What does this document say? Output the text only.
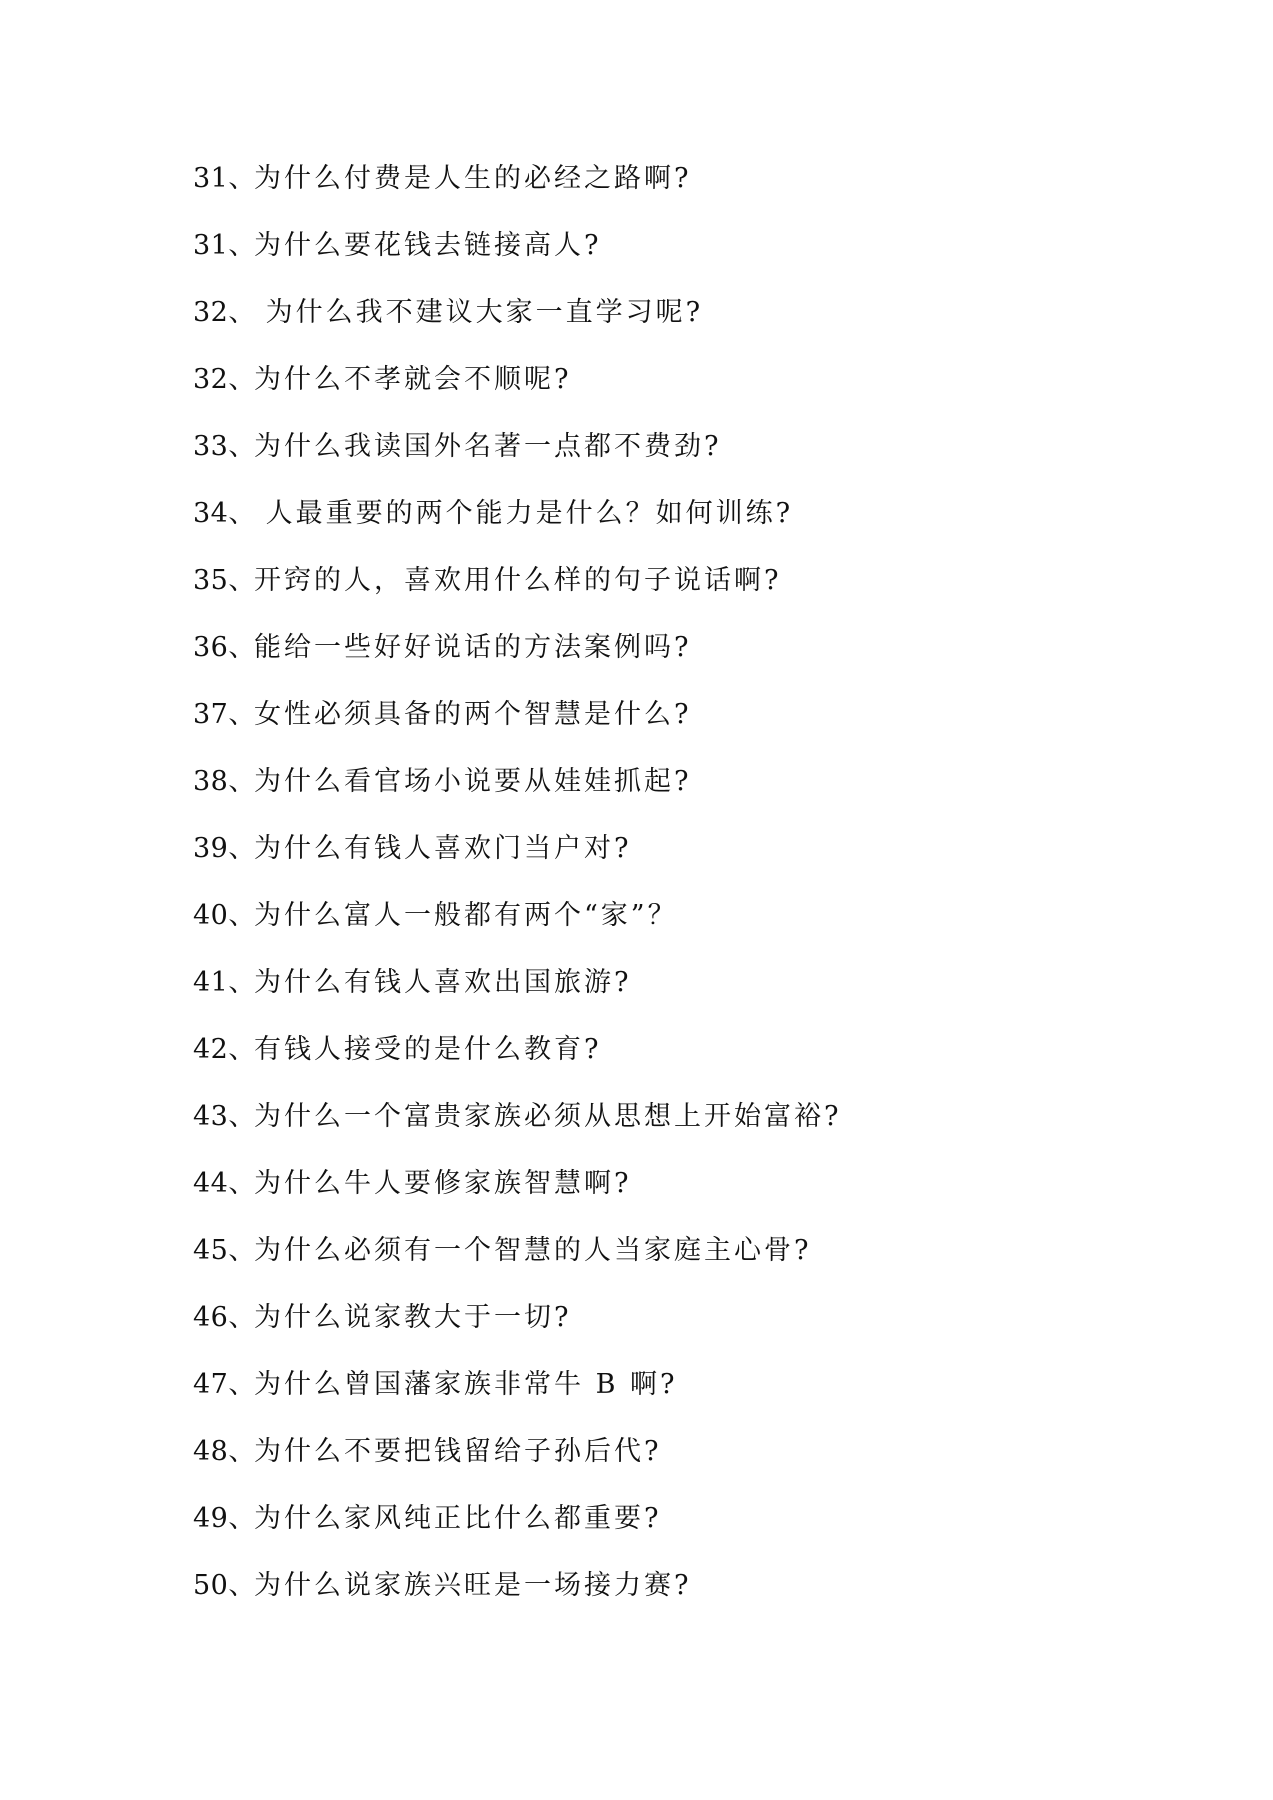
31、
为什么付费是人生的必经之路啊?
31、
为什么要花钱去链接高人?
32、
为什么我不建议大家一直学习呢?
32、
为什么不孝就会不顺呢?
33、
为什么我读国外名著一点都不费劲?
34、
人最重要的两个能力是什么？如何训练?
35、
开窍的人，喜欢用什么样的句子说话啊?
36、
能给一些好好说话的方法案例吗?
37、
女性必须具备的两个智慧是什么?
38、
为什么看官场小说要从娃娃抓起?
39、
为什么有钱人喜欢门当户对?
40、
为什么富人一般都有两个“家”？
41、
为什么有钱人喜欢出国旅游?
42、
有钱人接受的是什么教育?
43、
为什么一个富贵家族必须从思想上开始富裕?
44、
为什么牛人要修家族智慧啊?
45、
为什么必须有一个智慧的人当家庭主心骨?
46、
为什么说家教大于一切?
47、
为什么曾国藩家族非常牛 B 啊?
48、
为什么不要把钱留给子孙后代?
49、
为什么家风纯正比什么都重要?
50、
为什么说家族兴旺是一场接力赛?
